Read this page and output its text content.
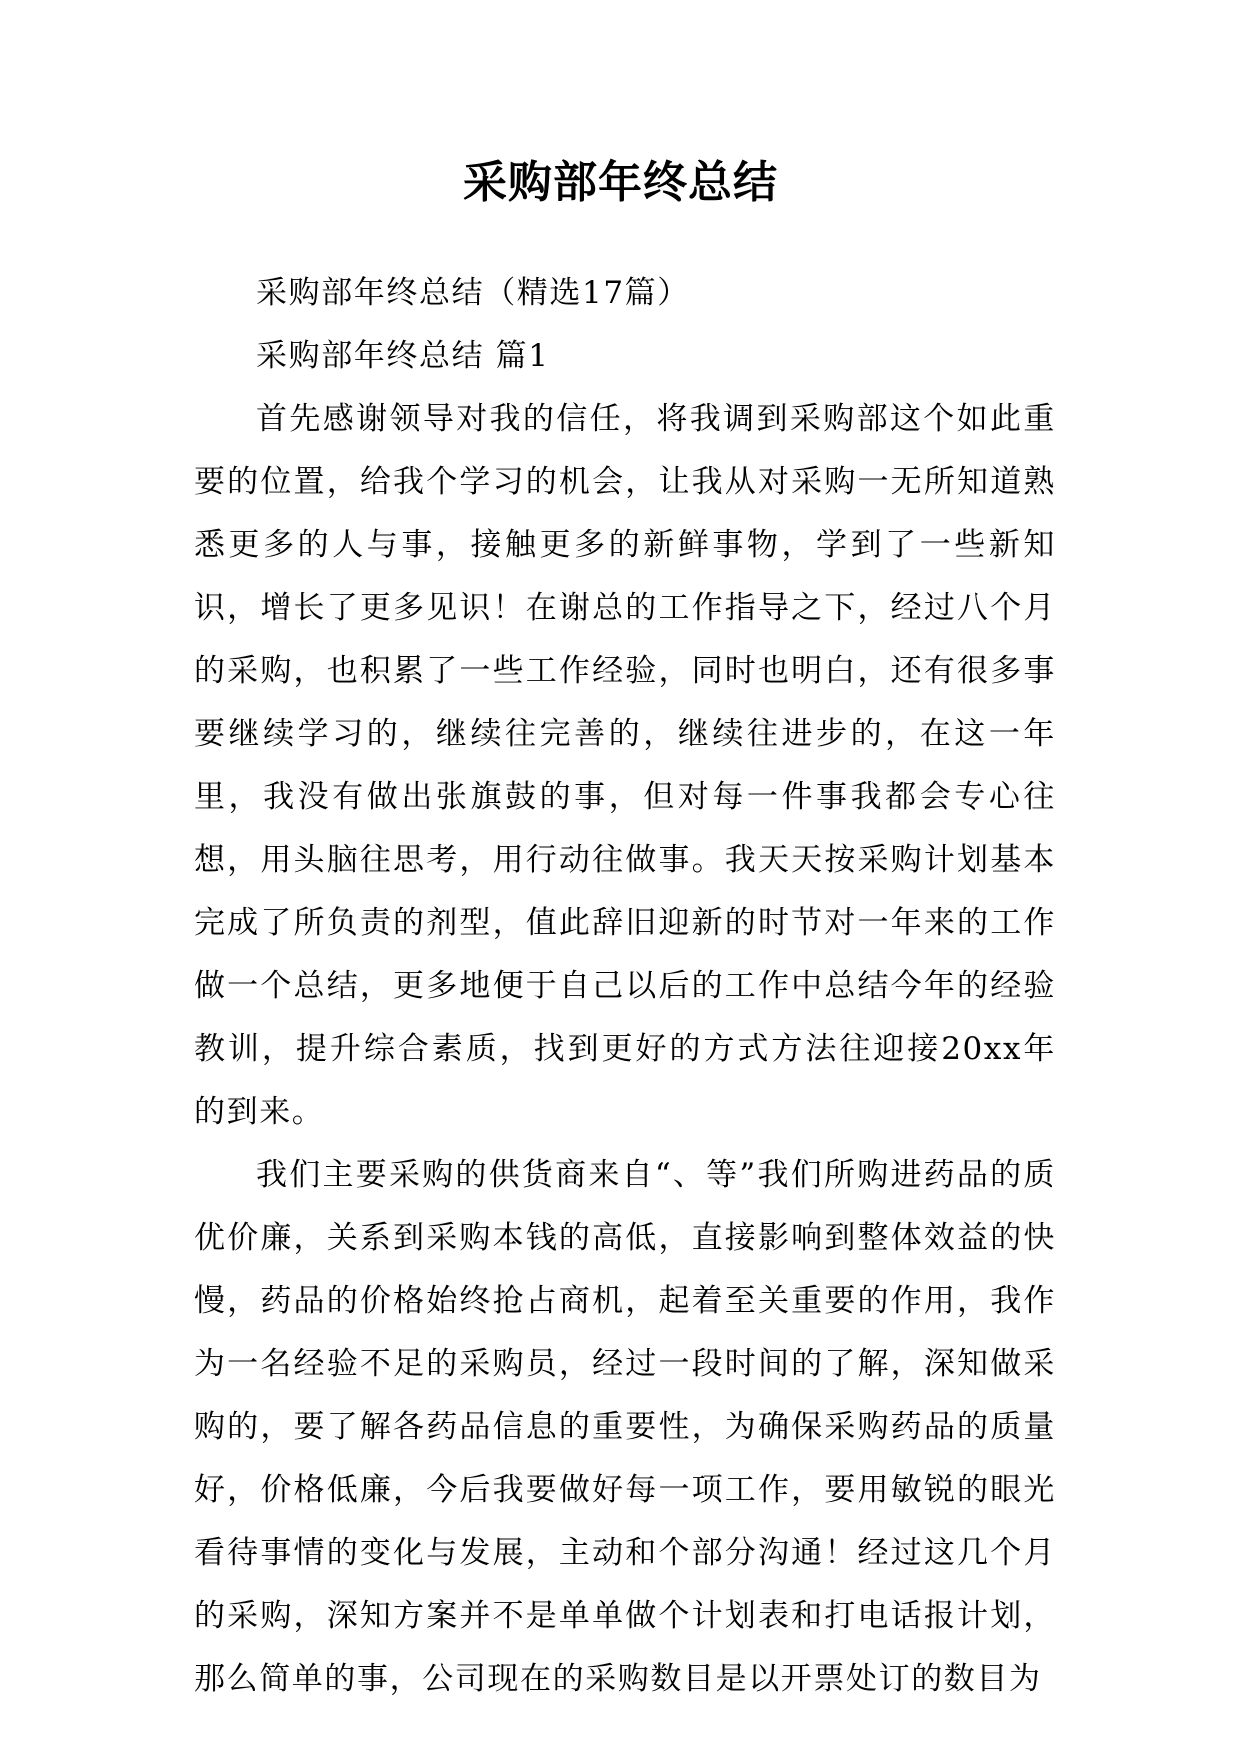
采购部年终总结

采购部年终总结（精选17篇）

采购部年终总结 篇1

首先感谢领导对我的信任，将我调到采购部这个如此重要的位置，给我个学习的机会，让我从对采购一无所知道熟悉更多的人与事，接触更多的新鲜事物，学到了一些新知识，增长了更多见识！在谢总的工作指导之下，经过八个月的采购，也积累了一些工作经验，同时也明白，还有很多事要继续学习的，继续往完善的，继续往进步的，在这一年里，我没有做出张旗鼓的事，但对每一件事我都会专心往想，用头脑往思考，用行动往做事。我天天按采购计划基本完成了所负责的剂型，值此辞旧迎新的时节对一年来的工作做一个总结，更多地便于自己以后的工作中总结今年的经验教训，提升综合素质，找到更好的方式方法往迎接20xx年的到来。

我们主要采购的供货商来自“、等”我们所购进药品的质优价廉，关系到采购本钱的高低，直接影响到整体效益的快慢，药品的价格始终抢占商机，起着至关重要的作用，我作为一名经验不足的采购员，经过一段时间的了解，深知做采购的，要了解各药品信息的重要性，为确保采购药品的质量好，价格低廉，今后我要做好每一项工作，要用敏锐的眼光看待事情的变化与发展，主动和个部分沟通！经过这几个月的采购，深知方案并不是单单做个计划表和打电话报计划，那么简单的事，公司现在的采购数目是以开票处订的数目为
